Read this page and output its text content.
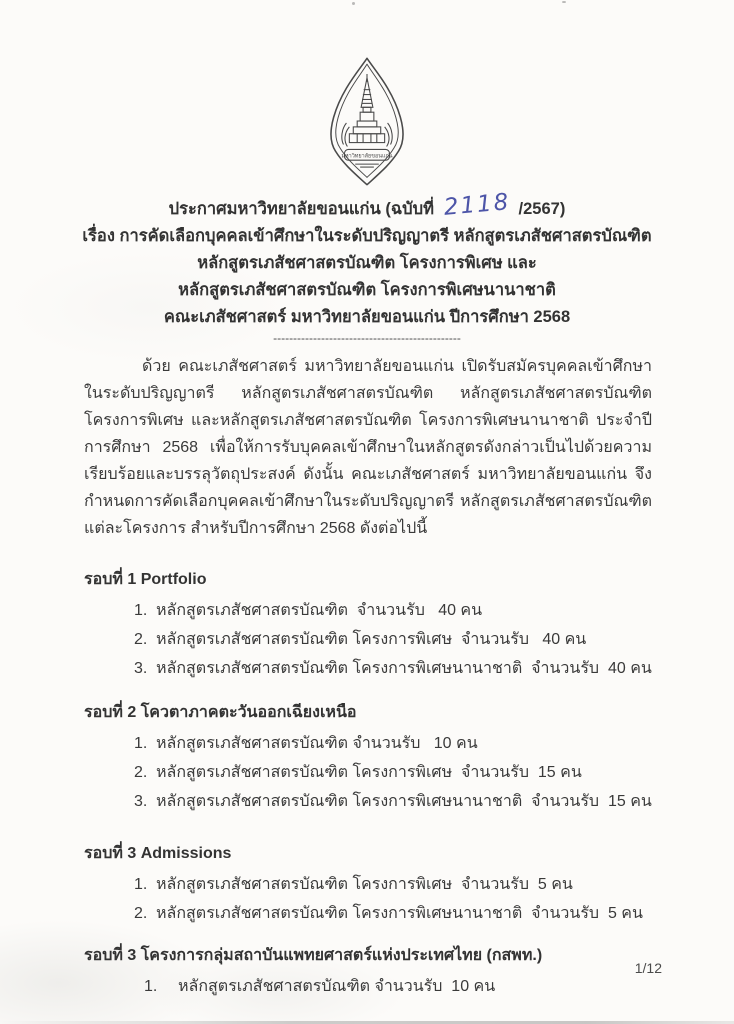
มหาวิทยาลัยขอนแก่น
ประกาศมหาวิทยาลัยขอนแก่น (ฉบับที่ 2118 /2567)
เรื่อง การคัดเลือกบุคคลเข้าศึกษาในระดับปริญญาตรี หลักสูตรเภสัชศาสตรบัณฑิต
หลักสูตรเภสัชศาสตรบัณฑิต โครงการพิเศษ และ
หลักสูตรเภสัชศาสตรบัณฑิต โครงการพิเศษนานาชาติ
คณะเภสัชศาสตร์ มหาวิทยาลัยขอนแก่น ปีการศึกษา 2568
-----------------------------------------------

ด้วย คณะเภสัชศาสตร์ มหาวิทยาลัยขอนแก่น เปิดรับสมัครบุคคลเข้าศึกษาในระดับปริญญาตรี หลักสูตรเภสัชศาสตรบัณฑิต หลักสูตรเภสัชศาสตรบัณฑิต โครงการพิเศษ และหลักสูตรเภสัชศาสตรบัณฑิต โครงการพิเศษนานาชาติ ประจำปีการศึกษา 2568 เพื่อให้การรับบุคคลเข้าศึกษาในหลักสูตรดังกล่าวเป็นไปด้วยความเรียบร้อยและบรรลุวัตถุประสงค์ ดังนั้น คณะเภสัชศาสตร์ มหาวิทยาลัยขอนแก่น จึงกำหนดการคัดเลือกบุคคลเข้าศึกษาในระดับปริญญาตรี หลักสูตรเภสัชศาสตรบัณฑิต แต่ละโครงการ สำหรับปีการศึกษา 2568 ดังต่อไปนี้

รอบที่ 1 Portfolio
1. หลักสูตรเภสัชศาสตรบัณฑิต  จำนวนรับ   40 คน
2. หลักสูตรเภสัชศาสตรบัณฑิต โครงการพิเศษ  จำนวนรับ   40 คน
3. หลักสูตรเภสัชศาสตรบัณฑิต โครงการพิเศษนานาชาติ  จำนวนรับ  40 คน
รอบที่ 2 โควตาภาคตะวันออกเฉียงเหนือ
1. หลักสูตรเภสัชศาสตรบัณฑิต จำนวนรับ   10 คน
2. หลักสูตรเภสัชศาสตรบัณฑิต โครงการพิเศษ  จำนวนรับ  15 คน
3. หลักสูตรเภสัชศาสตรบัณฑิต โครงการพิเศษนานาชาติ  จำนวนรับ  15 คน
รอบที่ 3 Admissions
1. หลักสูตรเภสัชศาสตรบัณฑิต โครงการพิเศษ  จำนวนรับ  5 คน
2. หลักสูตรเภสัชศาสตรบัณฑิต โครงการพิเศษนานาชาติ  จำนวนรับ  5 คน
รอบที่ 3 โครงการกลุ่มสถาบันแพทยศาสตร์แห่งประเทศไทย (กสพท.)
1. หลักสูตรเภสัชศาสตรบัณฑิต จำนวนรับ  10 คน
1/12
